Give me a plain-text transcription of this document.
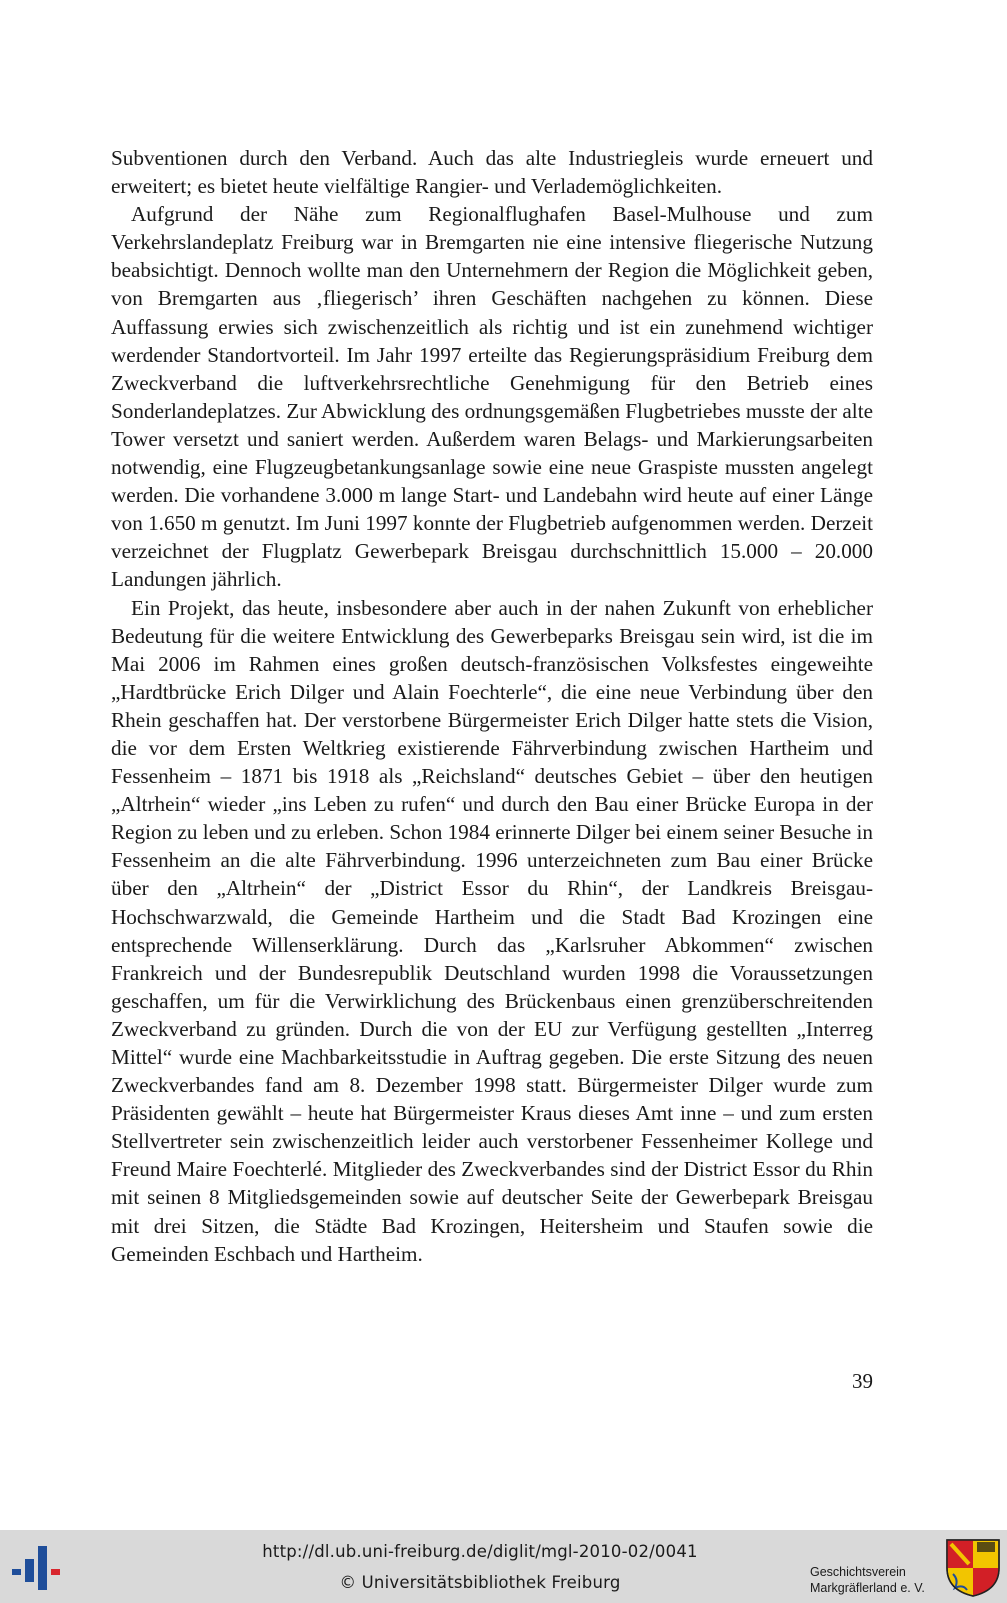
Subventionen durch den Verband. Auch das alte Industriegleis wurde erneuert und erweitert; es bietet heute vielfältige Rangier- und Verlademöglichkeiten.

Aufgrund der Nähe zum Regionalflughafen Basel-Mulhouse und zum Verkehrslandeplatz Freiburg war in Bremgarten nie eine intensive fliegerische Nutzung beabsichtigt. Dennoch wollte man den Unternehmern der Region die Möglichkeit geben, von Bremgarten aus ‚fliegerisch’ ihren Geschäften nachgehen zu können. Diese Auffassung erwies sich zwischenzeitlich als richtig und ist ein zunehmend wichtiger werdender Standortvorteil. Im Jahr 1997 erteilte das Regierungspräsidium Freiburg dem Zweckverband die luftverkehrsrechtliche Genehmigung für den Betrieb eines Sonderlandeplatzes. Zur Abwicklung des ordnungsgemäßen Flugbetriebes musste der alte Tower versetzt und saniert werden. Außerdem waren Belags- und Markierungsarbeiten notwendig, eine Flugzeugbetankungsanlage sowie eine neue Graspiste mussten angelegt werden. Die vorhandene 3.000 m lange Start- und Landebahn wird heute auf einer Länge von 1.650 m genutzt. Im Juni 1997 konnte der Flugbetrieb aufgenommen werden. Derzeit verzeichnet der Flugplatz Gewerbepark Breisgau durchschnittlich 15.000 – 20.000 Landungen jährlich.

Ein Projekt, das heute, insbesondere aber auch in der nahen Zukunft von erheblicher Bedeutung für die weitere Entwicklung des Gewerbeparks Breisgau sein wird, ist die im Mai 2006 im Rahmen eines großen deutsch-französischen Volksfestes eingeweihte „Hardtbrücke Erich Dilger und Alain Foechterle“, die eine neue Verbindung über den Rhein geschaffen hat. Der verstorbene Bürgermeister Erich Dilger hatte stets die Vision, die vor dem Ersten Weltkrieg existierende Fährverbindung zwischen Hartheim und Fessenheim – 1871 bis 1918 als „Reichsland“ deutsches Gebiet – über den heutigen „Altrhein“ wieder „ins Leben zu rufen“ und durch den Bau einer Brücke Europa in der Region zu leben und zu erleben. Schon 1984 erinnerte Dilger bei einem seiner Besuche in Fessenheim an die alte Fährverbindung. 1996 unterzeichneten zum Bau einer Brücke über den „Altrhein“ der „District Essor du Rhin“, der Landkreis Breisgau-Hochschwarzwald, die Gemeinde Hartheim und die Stadt Bad Krozingen eine entsprechende Willenserklärung. Durch das „Karlsruher Abkommen“ zwischen Frankreich und der Bundesrepublik Deutschland wurden 1998 die Voraussetzungen geschaffen, um für die Verwirklichung des Brückenbaus einen grenzüberschreitenden Zweckverband zu gründen. Durch die von der EU zur Verfügung gestellten „Interreg Mittel“ wurde eine Machbarkeitsstudie in Auftrag gegeben. Die erste Sitzung des neuen Zweckverbandes fand am 8. Dezember 1998 statt. Bürgermeister Dilger wurde zum Präsidenten gewählt – heute hat Bürgermeister Kraus dieses Amt inne – und zum ersten Stellvertreter sein zwischenzeitlich leider auch verstorbener Fessenheimer Kollege und Freund Maire Foechterlé. Mitglieder des Zweckverbandes sind der District Essor du Rhin mit seinen 8 Mitgliedsgemeinden sowie auf deutscher Seite der Gewerbepark Breisgau mit drei Sitzen, die Städte Bad Krozingen, Heitersheim und Staufen sowie die Gemeinden Eschbach und Hartheim.

39
http://dl.ub.uni-freiburg.de/diglit/mgl-2010-02/0041
© Universitätsbibliothek Freiburg
Geschichtsverein
Markgräflerland e. V.
